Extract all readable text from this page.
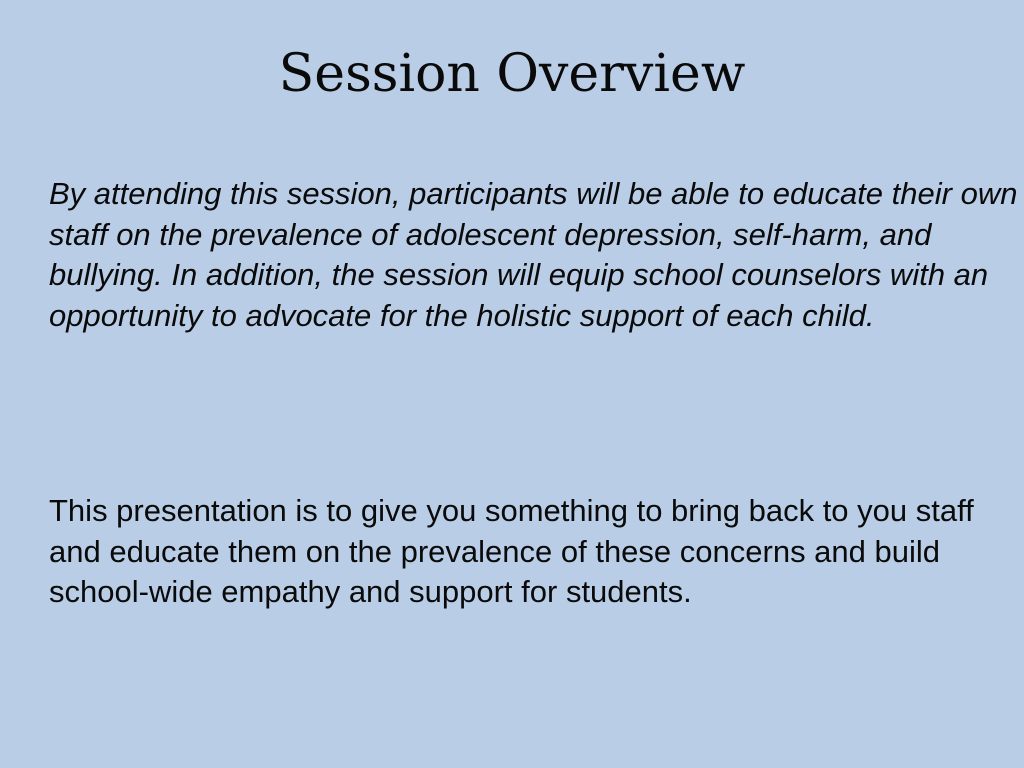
Session Overview

By attending this session, participants will be able to educate their own staff on the prevalence of adolescent depression, self-harm, and bullying. In addition, the session will equip school counselors with an opportunity to advocate for the holistic support of each child.

This presentation is to give you something to bring back to you staff and educate them on the prevalence of these concerns and build school-wide empathy and support for students.
